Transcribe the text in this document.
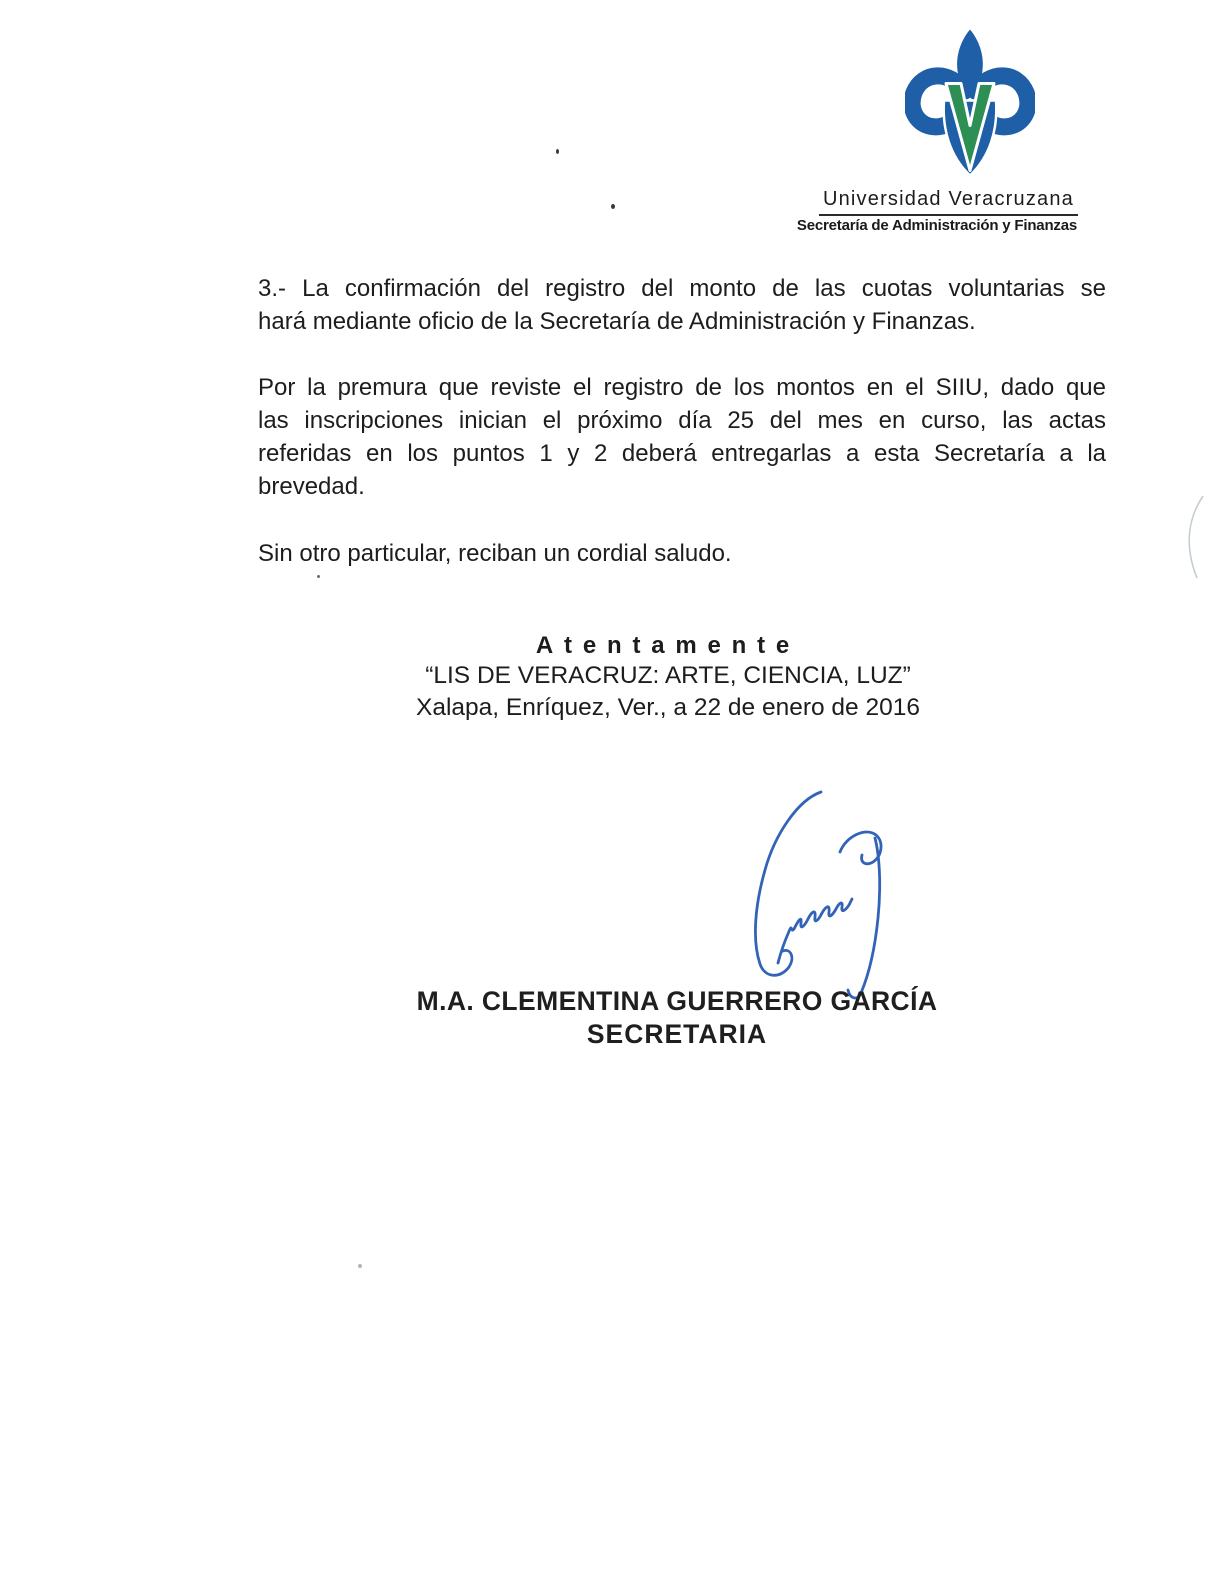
Universidad Veracruzana
Secretaría de Administración y Finanzas
3.- La confirmación del registro del monto de las cuotas voluntarias se
hará mediante oficio de la Secretaría de Administración y Finanzas.
Por la premura que reviste el registro de los montos en el SIIU, dado que
las inscripciones inician el próximo día 25 del mes en curso, las actas
referidas en los puntos 1 y 2 deberá entregarlas a esta Secretaría a la
brevedad.
Sin otro particular, reciban un cordial saludo.
Atentamente
“LIS DE VERACRUZ: ARTE, CIENCIA, LUZ”
Xalapa, Enríquez, Ver., a 22 de enero de 2016
M.A. CLEMENTINA GUERRERO GARCÍA
SECRETARIA
